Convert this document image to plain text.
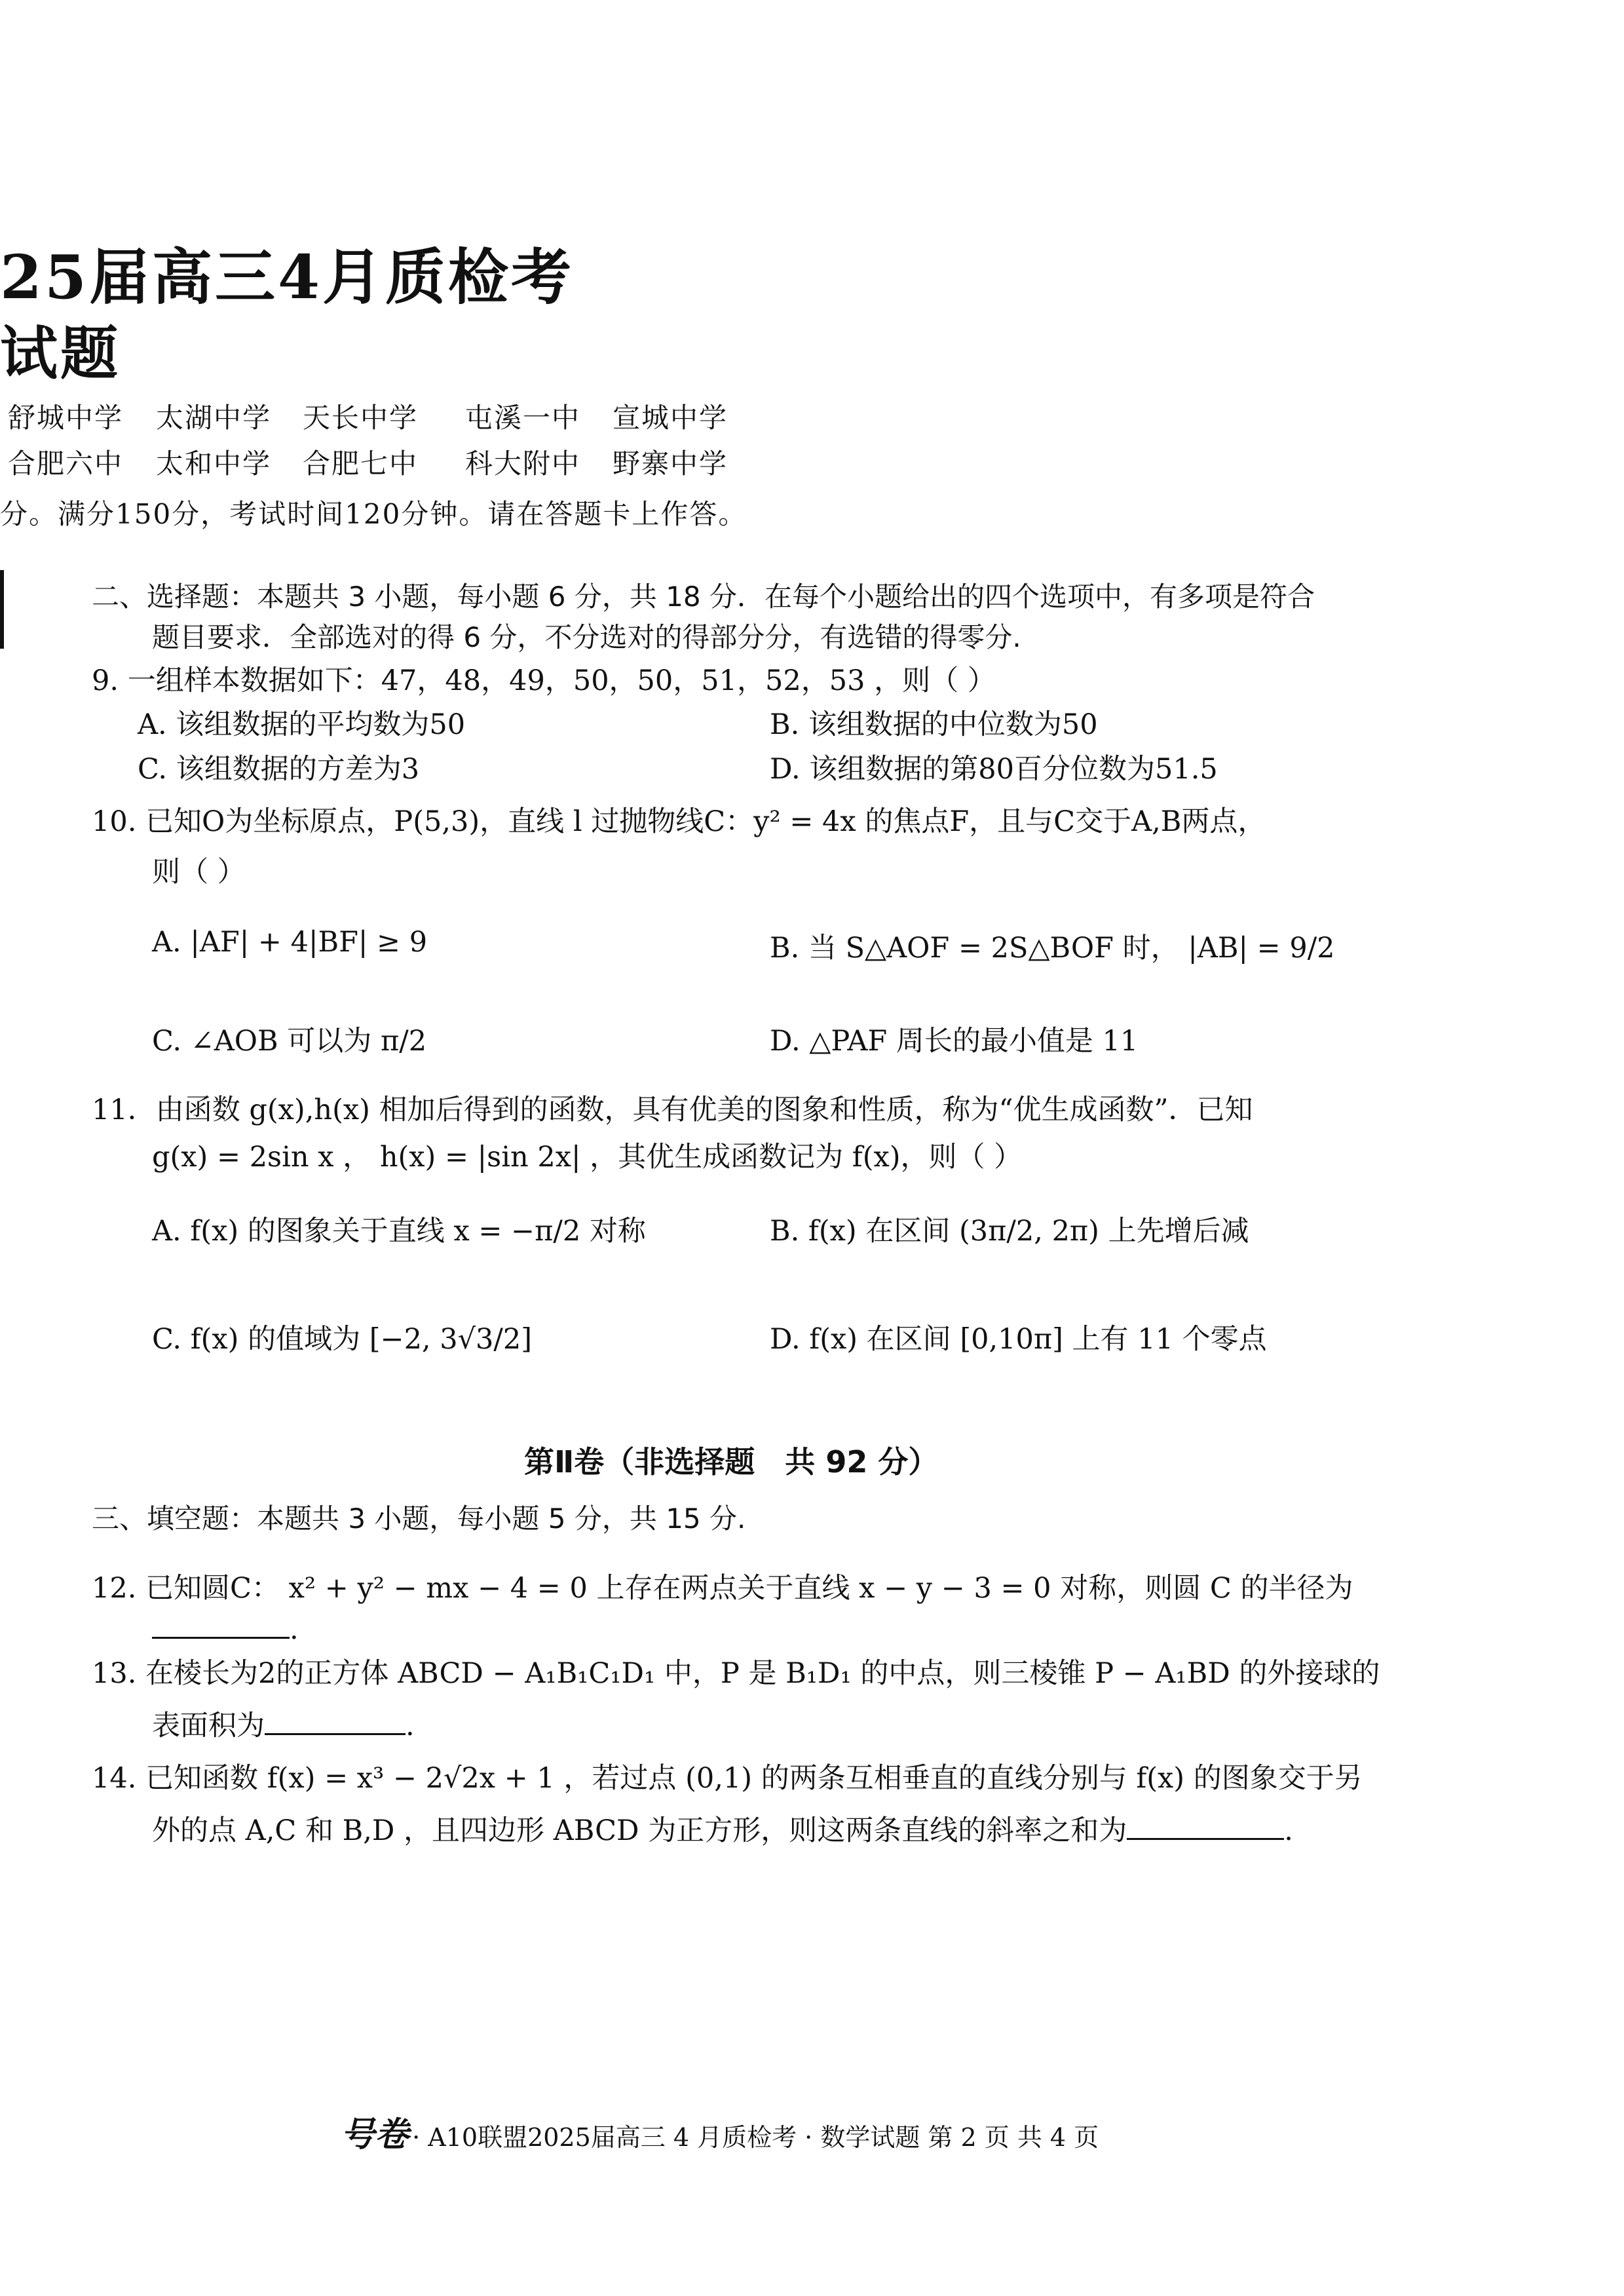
25届高三4月质检考
试题
舒城中学 太湖中学 天长中学 屯溪一中 宣城中学
合肥六中 太和中学 合肥七中 科大附中 野寨中学
分。满分150分，考试时间120分钟。请在答题卡上作答。
二、选择题：本题共 3 小题，每小题 6 分，共 18 分．在每个小题给出的四个选项中，有多项是符合
题目要求．全部选对的得 6 分，不分选对的得部分分，有选错的得零分.
9. 一组样本数据如下：47，48，49，50，50，51，52，53 ，则（ ）
A. 该组数据的平均数为50	B. 该组数据的中位数为50
C. 该组数据的方差为3	D. 该组数据的第80百分位数为51.5
10. 已知O为坐标原点，P(5,3)，直线 l 过抛物线C：y² = 4x 的焦点F，且与C交于A,B两点，
则（ ）
A. |AF| + 4|BF| ≥ 9	B. 当 S△AOF = 2S△BOF 时， |AB| = 9/2
C. ∠AOB 可以为 π/2	D. △PAF 周长的最小值是 11
11．由函数 g(x),h(x) 相加后得到的函数，具有优美的图象和性质，称为“优生成函数”．已知
g(x) = 2sin x ， h(x) = |sin 2x| ，其优生成函数记为 f(x)，则（ ）
A. f(x) 的图象关于直线 x = −π/2 对称	B. f(x) 在区间 (3π/2, 2π) 上先增后减
C. f(x) 的值域为 [−2, 3√3/2]	D. f(x) 在区间 [0,10π] 上有 11 个零点
第Ⅱ卷（非选择题　共 92 分）
三、填空题：本题共 3 小题，每小题 5 分，共 15 分.
12. 已知圆C： x² + y² − mx − 4 = 0 上存在两点关于直线 x − y − 3 = 0 对称，则圆 C 的半径为
.
13. 在棱长为2的正方体 ABCD − A₁B₁C₁D₁ 中，P 是 B₁D₁ 的中点，则三棱锥 P − A₁BD 的外接球的
表面积为	.
14. 已知函数 f(x) = x³ − 2√2x + 1 ，若过点 (0,1) 的两条互相垂直的直线分别与 f(x) 的图象交于另
外的点 A,C 和 B,D ，且四边形 ABCD 为正方形，则这两条直线的斜率之和为	.
号卷 · A10联盟2025届高三 4 月质检考 · 数学试题 第 2 页 共 4 页
